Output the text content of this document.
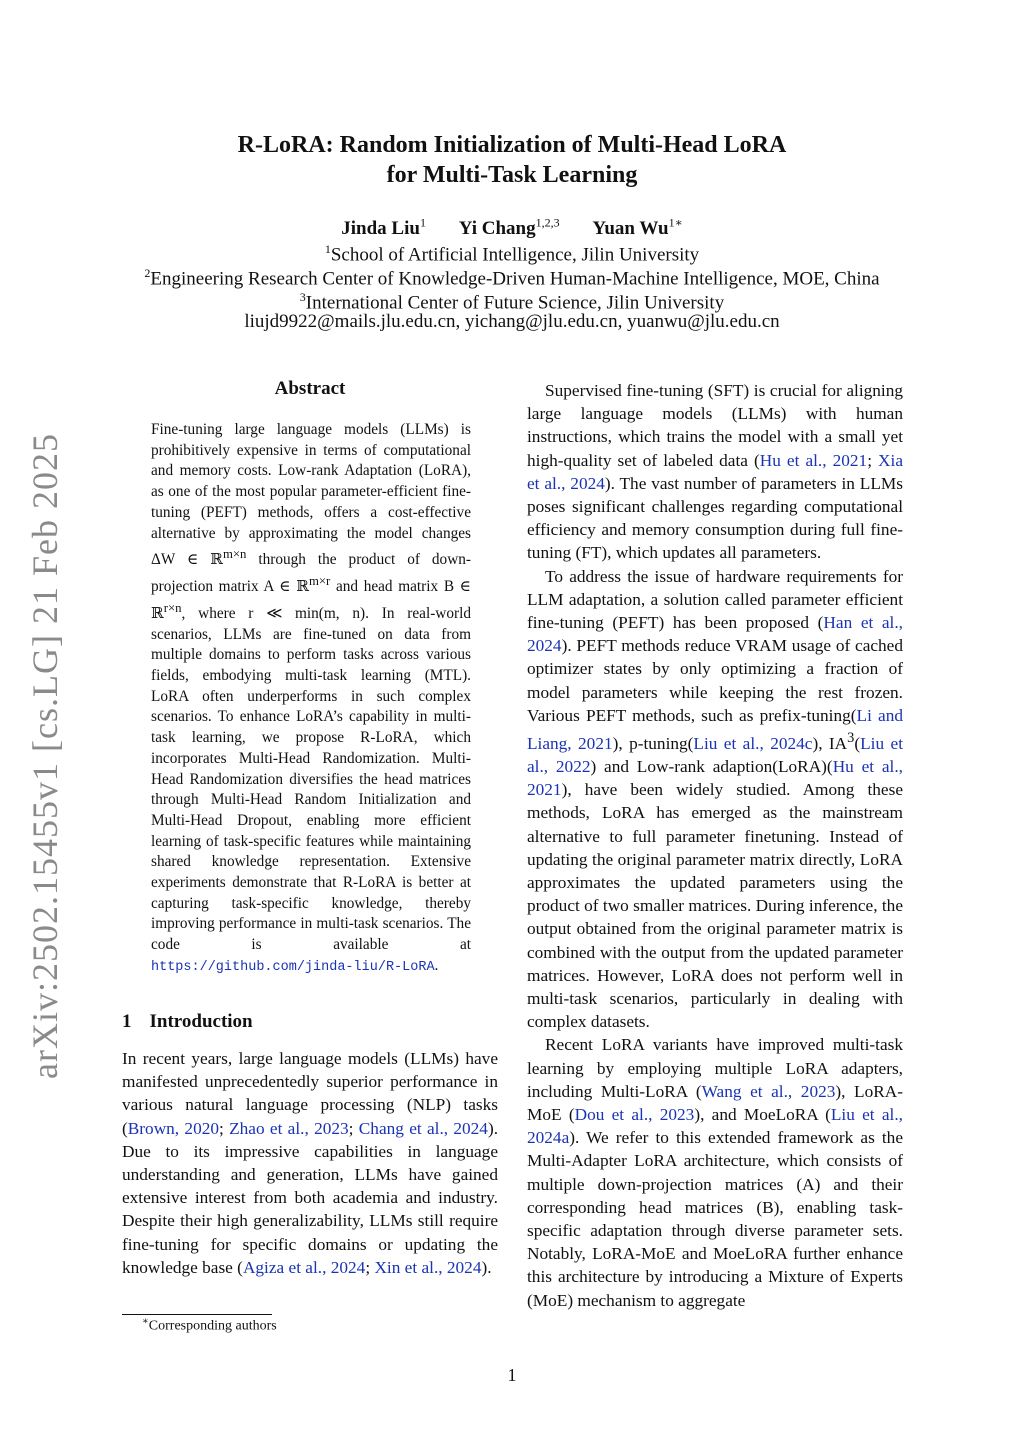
arXiv:2502.15455v1 [cs.LG] 21 Feb 2025
R-LoRA: Random Initialization of Multi-Head LoRA
for Multi-Task Learning
Jinda Liu$^1$ Yi Chang$^{1,2,3}$ Yuan $Wu^{1∗}$
$^1$School of Artificial Intelligence, Jilin University
$^2$Engineering Research Center of Knowledge-Driven Human-Machine Intelligence, MOE, China
$^3$International Center of Future Science, Jilin University
liujd9922@mails.jlu.edu.cn, yichang@jlu.edu.cn, yuanwu@jlu.edu.cn
Abstract

Fine-tuning large language models (LLMs) is prohibitively expensive in terms of computational and memory costs. Low-rank Adaptation (LoRA), as one of the most popular parameter-efficient fine-tuning (PEFT) methods, offers a cost-effective alternative by approximating the model changes ΔW ∈ ℝ$^{m\times n}$ through the product of down-projection matrix A ∈ ℝ$^{m\times r}$ and head matrix B ∈ ℝ$^{r\times n}$, where r ≪ min(m, n). In real-world scenarios, LLMs are fine-tuned on data from multiple domains to perform tasks across various fields, embodying multi-task learning (MTL). LoRA often underperforms in such complex scenarios. To enhance LoRA’s capability in multi-task learning, we propose R-LoRA, which incorporates Multi-Head Randomization. Multi-Head Randomization diversifies the head matrices through Multi-Head Random Initialization and Multi-Head Dropout, enabling more efficient learning of task-specific features while maintaining shared knowledge representation. Extensive experiments demonstrate that R-LoRA is better at capturing task-specific knowledge, thereby improving performance in multi-task scenarios. The code is available at https://github.com/jinda-liu/R-LoRA.

1 Introduction

In recent years, large language models (LLMs) have manifested unprecedentedly superior performance in various natural language processing (NLP) tasks (Brown, 2020; Zhao et al., 2023; Chang et al., 2024). Due to its impressive capabilities in language understanding and generation, LLMs have gained extensive interest from both academia and industry. Despite their high generalizability, LLMs still require fine-tuning for specific domains or updating the knowledge base (Agiza et al., 2024; Xin et al., 2024).

∗Corresponding authors

Supervised fine-tuning (SFT) is crucial for aligning large language models (LLMs) with human instructions, which trains the model with a small yet high-quality set of labeled data (Hu et al., 2021; Xia et al., 2024). The vast number of parameters in LLMs poses significant challenges regarding computational efficiency and memory consumption during full fine-tuning (FT), which updates all parameters.

To address the issue of hardware requirements for LLM adaptation, a solution called parameter efficient fine-tuning (PEFT) has been proposed (Han et al., 2024). PEFT methods reduce VRAM usage of cached optimizer states by only optimizing a fraction of model parameters while keeping the rest frozen. Various PEFT methods, such as prefix-tuning(Li and Liang, 2021), p-tuning(Liu et al., 2024c), $IA^3(Liu$ et al., 2022) and Low-rank adaption(LoRA)(Hu et al., 2021), have been widely studied. Among these methods, LoRA has emerged as the mainstream alternative to full parameter finetuning. Instead of updating the original parameter matrix directly, LoRA approximates the updated parameters using the product of two smaller matrices. During inference, the output obtained from the original parameter matrix is combined with the output from the updated parameter matrices. However, LoRA does not perform well in multi-task scenarios, particularly in dealing with complex datasets.

Recent LoRA variants have improved multi-task learning by employing multiple LoRA adapters, including Multi-LoRA (Wang et al., 2023), LoRA-MoE (Dou et al., 2023), and MoeLoRA (Liu et al., 2024a). We refer to this extended framework as the Multi-Adapter LoRA architecture, which consists of multiple down-projection matrices (A) and their corresponding head matrices (B), enabling task-specific adaptation through diverse parameter sets. Notably, LoRA-MoE and MoeLoRA further enhance this architecture by introducing a Mixture of Experts (MoE) mechanism to aggregate

1
